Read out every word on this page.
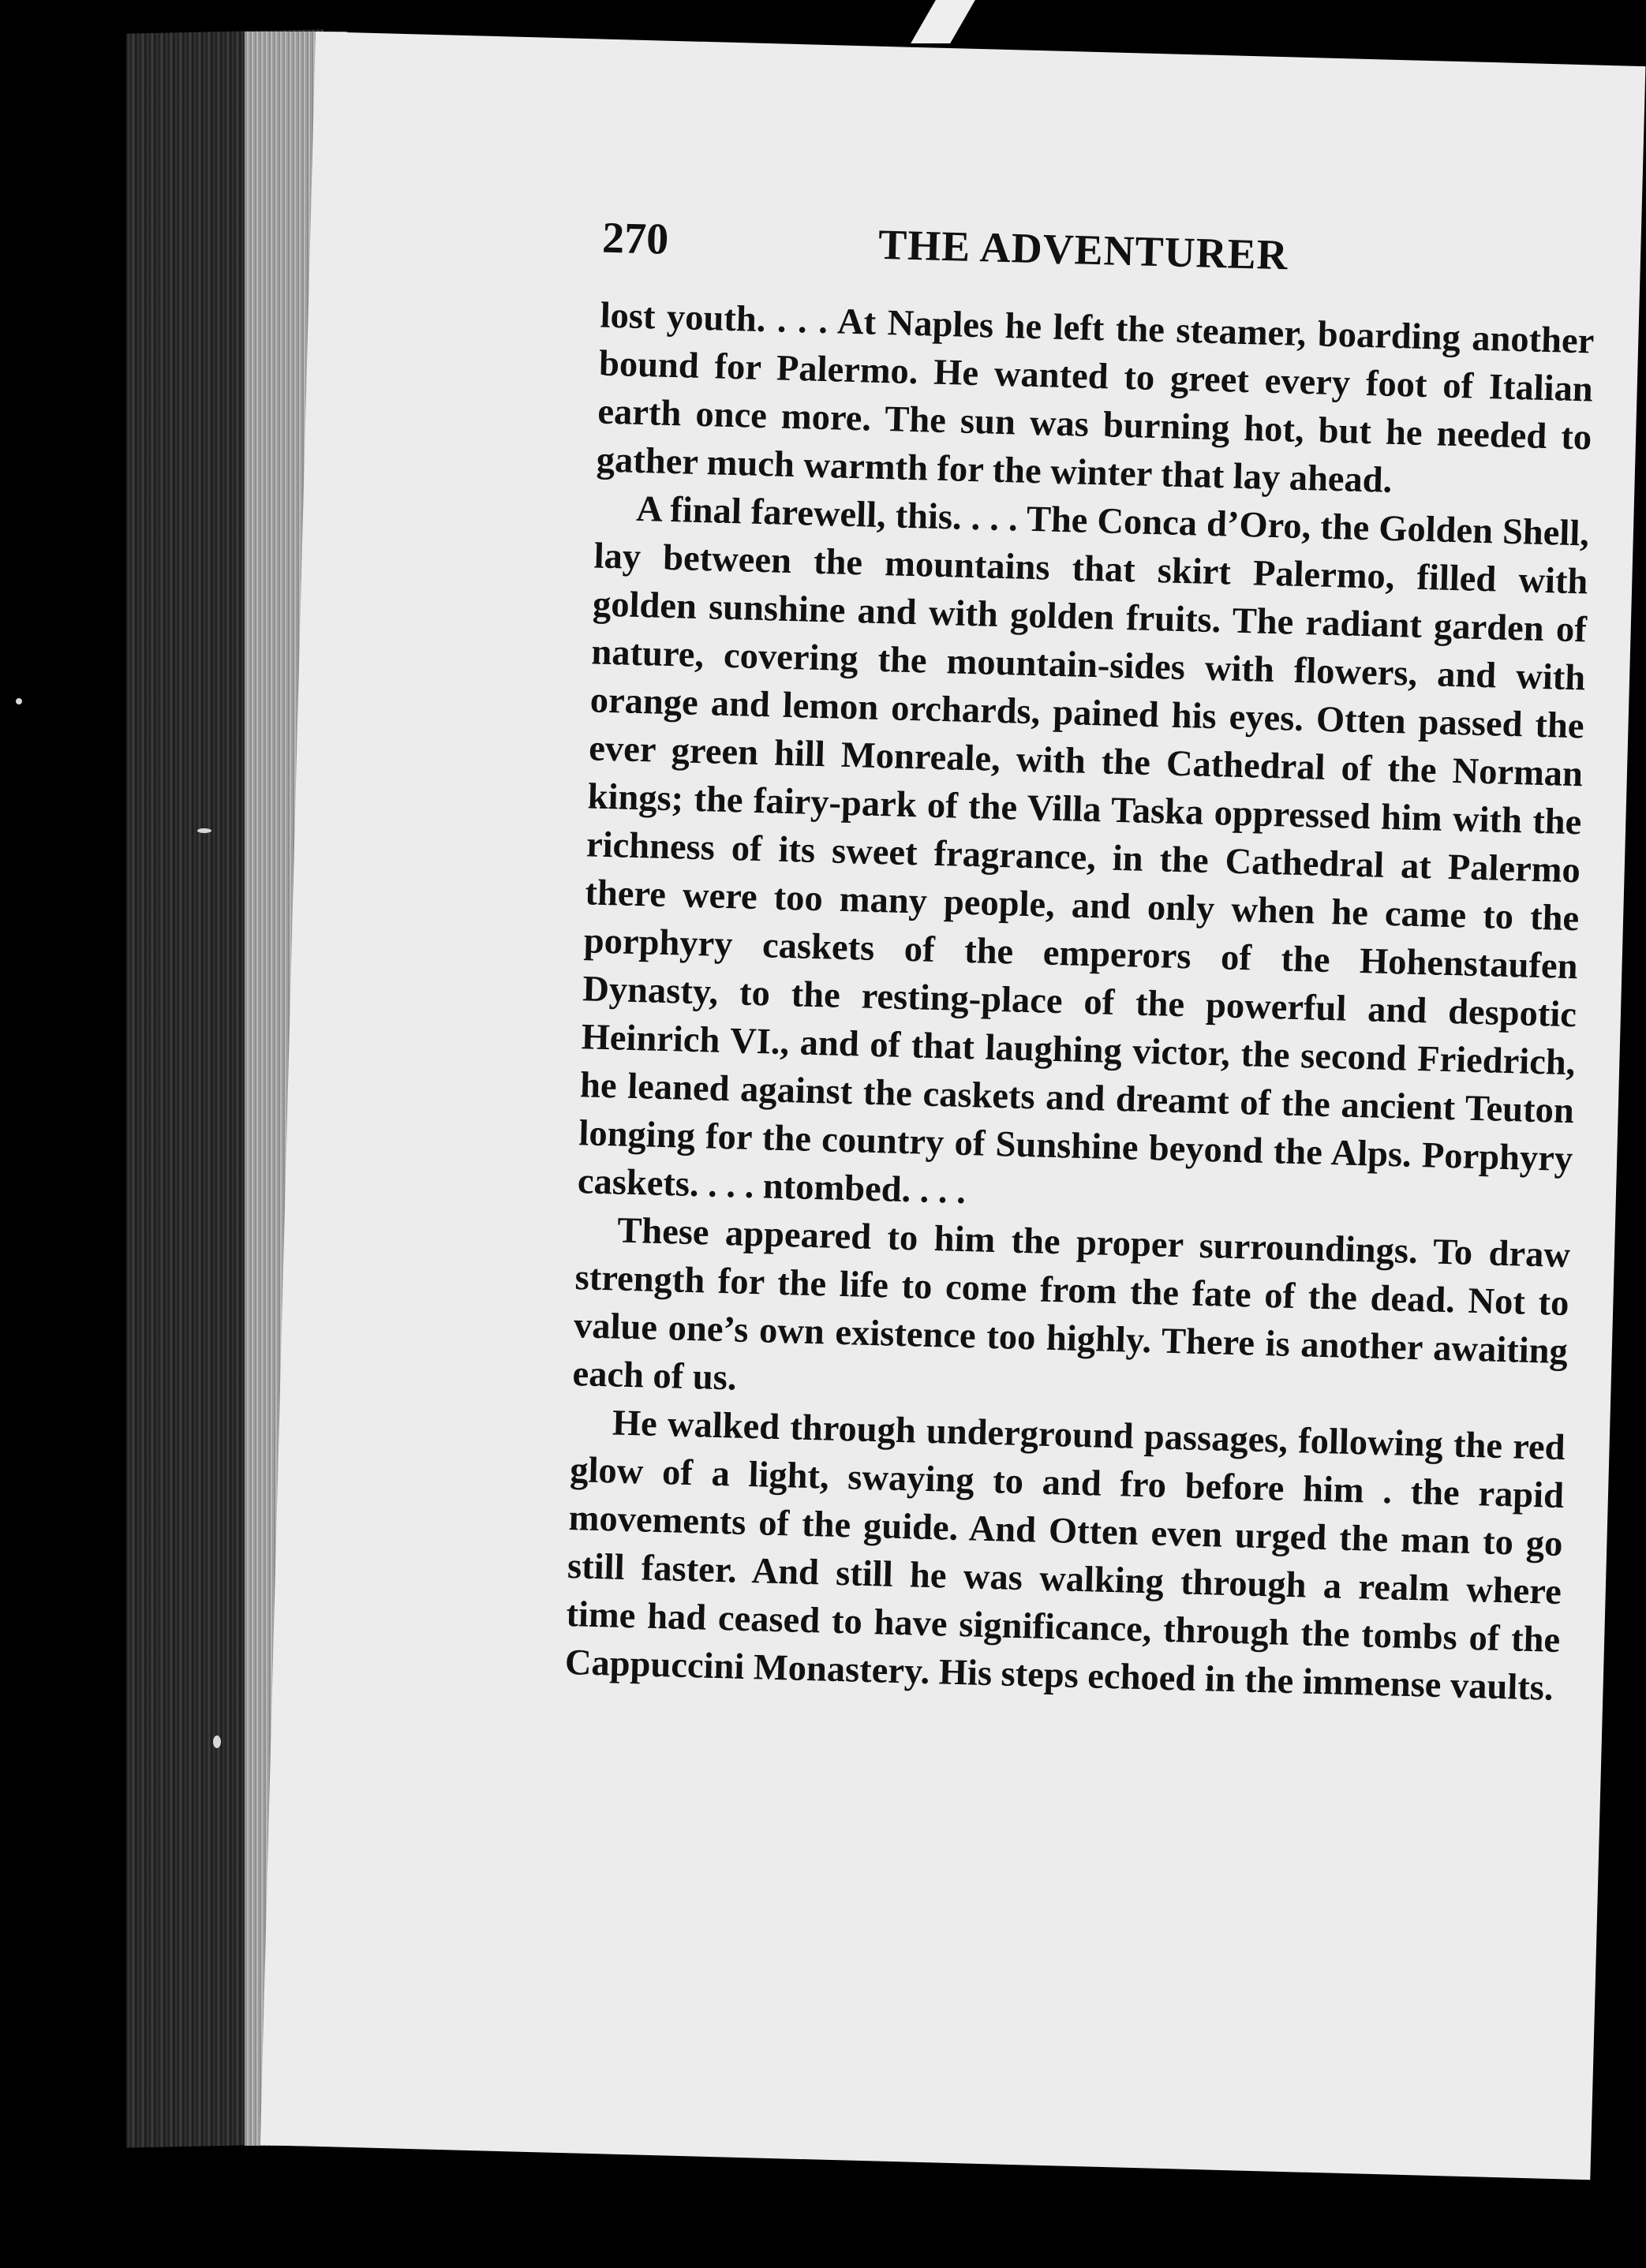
270	THE ADVENTURER

lost youth. . . . At Naples he left the steamer, boarding another bound for Palermo. He wanted to greet every foot of Italian earth once more. The sun was burning hot, but he needed to gather much warmth for the winter that lay ahead.

A final farewell, this. . . . The Conca d’Oro, the Golden Shell, lay between the mountains that skirt Palermo, filled with golden sunshine and with golden fruits. The radiant garden of nature, covering the mountain-sides with flowers, and with orange and lemon orchards, pained his eyes. Otten passed the ever green hill Monreale, with the Cathedral of the Norman kings; the fairy-park of the Villa Taska oppressed him with the richness of its sweet fragrance, in the Cathedral at Palermo there were too many people, and only when he came to the porphyry caskets of the emperors of the Hohenstaufen Dynasty, to the resting-place of the powerful and despotic Heinrich VI., and of that laughing victor, the second Friedrich, he leaned against the caskets and dreamt of the ancient Teuton longing for the country of Sunshine beyond the Alps. Porphyry caskets. . . . ntombed. . . .

These appeared to him the proper surroundings. To draw strength for the life to come from the fate of the dead. Not to value one’s own existence too highly. There is another awaiting each of us.

He walked through underground passages, following the red glow of a light, swaying to and fro before him . the rapid movements of the guide. And Otten even urged the man to go still faster. And still he was walking through a realm where time had ceased to have significance, through the tombs of the Cappuccini Monastery. His steps echoed in the immense vaults.
